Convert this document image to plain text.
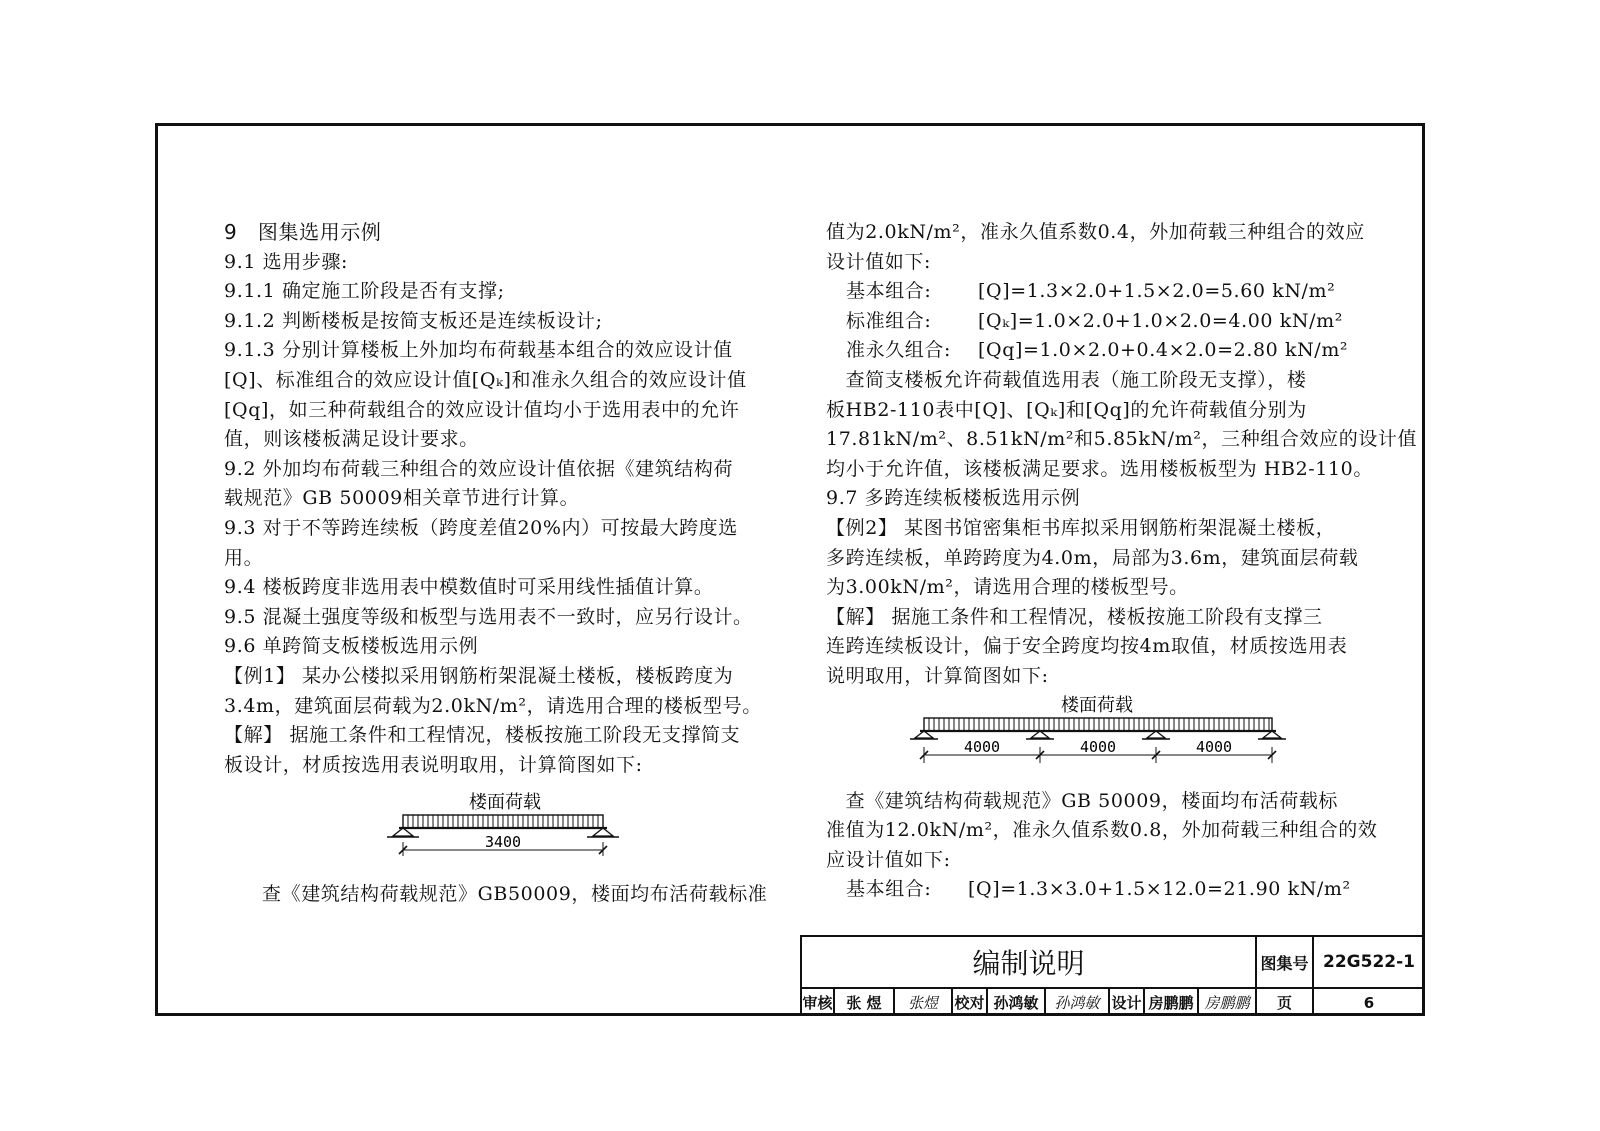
9　图集选用示例

9.1 选用步骤:

9.1.1 确定施工阶段是否有支撑;

9.1.2 判断楼板是按简支板还是连续板设计;

9.1.3 分别计算楼板上外加均布荷载基本组合的效应设计值

[Q]、标准组合的效应设计值[Qₖ]和准永久组合的效应设计值

[Qq]，如三种荷载组合的效应设计值均小于选用表中的允许

值，则该楼板满足设计要求。

9.2 外加均布荷载三种组合的效应设计值依据《建筑结构荷

载规范》GB 50009相关章节进行计算。

9.3 对于不等跨连续板（跨度差值20%内）可按最大跨度选

用。

9.4 楼板跨度非选用表中模数值时可采用线性插值计算。

9.5 混凝土强度等级和板型与选用表不一致时，应另行设计。

9.6 单跨简支板楼板选用示例

【例1】 某办公楼拟采用钢筋桁架混凝土楼板，楼板跨度为

3.4m，建筑面层荷载为2.0kN/m²，请选用合理的楼板型号。

【解】 据施工条件和工程情况，楼板按施工阶段无支撑简支

板设计，材质按选用表说明取用，计算简图如下:

查《建筑结构荷载规范》GB50009，楼面均布活荷载标准

楼面荷载
3400

值为2.0kN/m²，准永久值系数0.4，外加荷载三种组合的效应

设计值如下:

基本组合: [Q]=1.3×2.0+1.5×2.0=5.60 kN/m²

标准组合: [Qₖ]=1.0×2.0+1.0×2.0=4.00 kN/m²

准永久组合: [Qq]=1.0×2.0+0.4×2.0=2.80 kN/m²

　查简支楼板允许荷载值选用表（施工阶段无支撑），楼

板HB2-110表中[Q]、[Qₖ]和[Qq]的允许荷载值分别为

17.81kN/m²、8.51kN/m²和5.85kN/m²，三种组合效应的设计值

均小于允许值，该楼板满足要求。选用楼板板型为 HB2-110。

9.7 多跨连续板楼板选用示例

【例2】 某图书馆密集柜书库拟采用钢筋桁架混凝土楼板，

多跨连续板，单跨跨度为4.0m，局部为3.6m，建筑面层荷载

为3.00kN/m²，请选用合理的楼板型号。

【解】 据施工条件和工程情况，楼板按施工阶段有支撑三

连跨连续板设计，偏于安全跨度均按4m取值，材质按选用表

说明取用，计算简图如下:

　查《建筑结构荷载规范》GB 50009，楼面均布活荷载标

准值为12.0kN/m²，准永久值系数0.8，外加荷载三种组合的效

应设计值如下:

基本组合: [Q]=1.3×3.0+1.5×12.0=21.90 kN/m²

楼面荷载
4000	4000	4000
编制说明	图集号 22G522-1
审核 张 煜	张煜	校对 孙鸿敏	孙鸿敏 设计 房鹏鹏 房鹏鹏	页	6
